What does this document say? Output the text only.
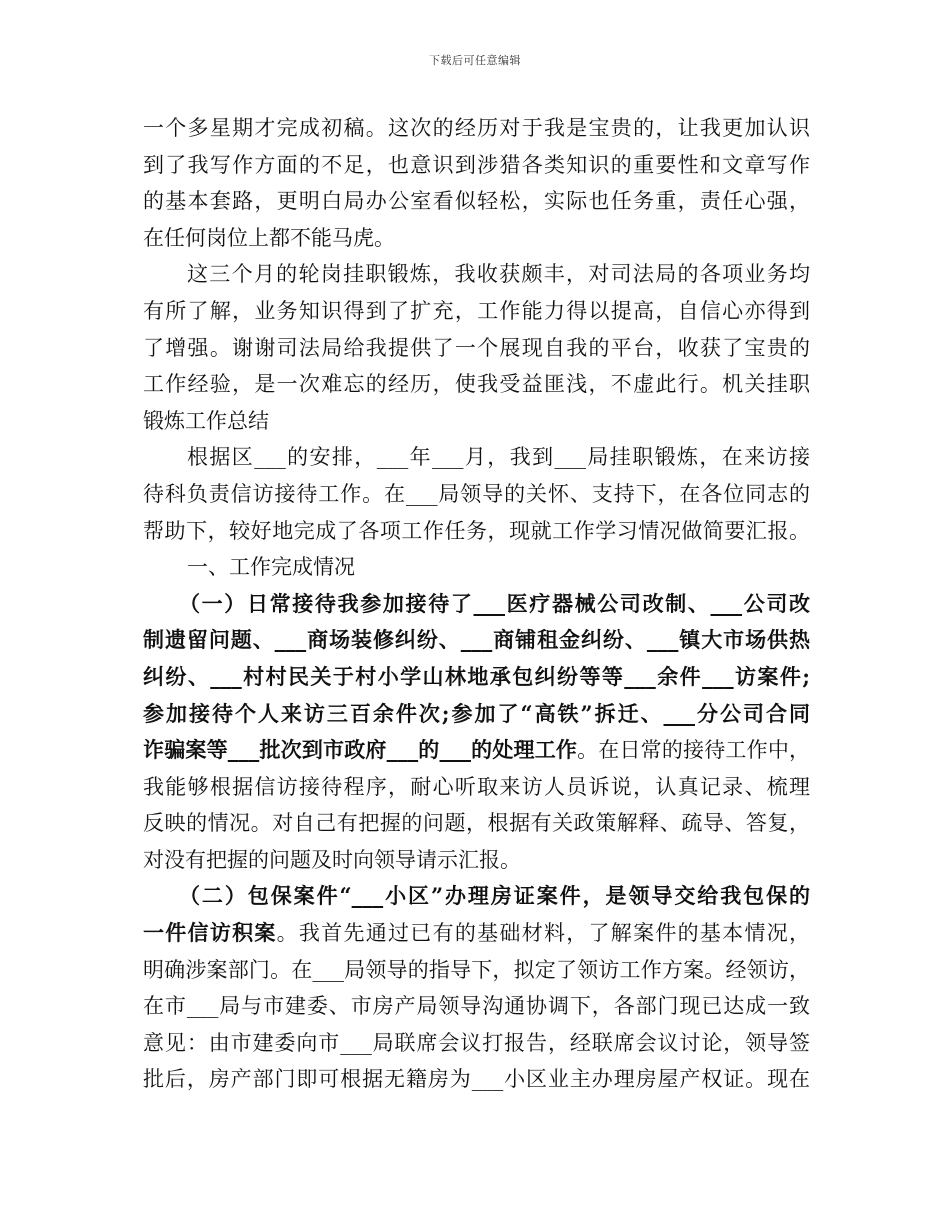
下载后可任意编辑
一个多星期才完成初稿。这次的经历对于我是宝贵的，让我更加认识
到了我写作方面的不足，也意识到涉猎各类知识的重要性和文章写作
的基本套路，更明白局办公室看似轻松，实际也任务重，责任心强，
在任何岗位上都不能马虎。
这三个月的轮岗挂职锻炼，我收获颇丰，对司法局的各项业务均
有所了解，业务知识得到了扩充，工作能力得以提高，自信心亦得到
了增强。谢谢司法局给我提供了一个展现自我的平台，收获了宝贵的
工作经验，是一次难忘的经历，使我受益匪浅，不虚此行。机关挂职
锻炼工作总结
根据区___的安排，___年___月，我到___局挂职锻炼，在来访接
待科负责信访接待工作。在___局领导的关怀、支持下，在各位同志的
帮助下，较好地完成了各项工作任务，现就工作学习情况做简要汇报。
一、工作完成情况
（一）日常接待我参加接待了___医疗器械公司改制、___公司改
制遗留问题、___商场装修纠纷、___商铺租金纠纷、___镇大市场供热
纠纷、___村村民关于村小学山林地承包纠纷等等___余件___访案件;
参加接待个人来访三百余件次;参加了“高铁”拆迁、___分公司合同
诈骗案等___批次到市政府___的___的处理工作。在日常的接待工作中，
我能够根据信访接待程序，耐心听取来访人员诉说，认真记录、梳理
反映的情况。对自己有把握的问题，根据有关政策解释、疏导、答复，
对没有把握的问题及时向领导请示汇报。
（二）包保案件“___小区”办理房证案件，是领导交给我包保的
一件信访积案。我首先通过已有的基础材料，了解案件的基本情况，
明确涉案部门。在___局领导的指导下，拟定了领访工作方案。经领访，
在市___局与市建委、市房产局领导沟通协调下，各部门现已达成一致
意见：由市建委向市___局联席会议打报告，经联席会议讨论，领导签
批后，房产部门即可根据无籍房为___小区业主办理房屋产权证。现在
